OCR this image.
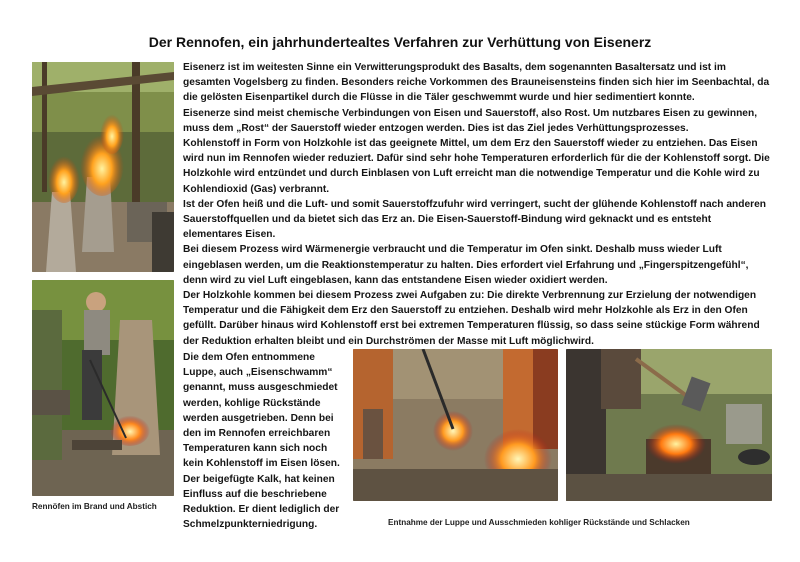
Der Rennofen, ein jahrhundertealtes Verfahren zur Verhüttung von Eisenerz
Rennöfen im Brand und Abstich

Eisenerz ist im weitesten Sinne ein Verwitterungsprodukt des Basalts, dem sogenannten Basaltersatz und ist im gesamten Vogelsberg zu finden. Besonders reiche Vorkommen des Brauneisensteins finden sich hier im Seenbachtal, da die gelösten Eisenpartikel durch die Flüsse in die Täler geschwemmt wurde und hier sedimentiert konnte.

Eisenerze sind meist chemische Verbindungen von Eisen und Sauerstoff, also Rost. Um nutzbares Eisen zu gewinnen, muss dem „Rost“ der Sauerstoff wieder entzogen werden. Dies ist das Ziel jedes Verhüttungsprozesses.

Kohlenstoff in Form von Holzkohle ist das geeignete Mittel, um dem Erz den Sauerstoff wieder zu entziehen. Das Eisen wird nun im Rennofen wieder reduziert. Dafür sind sehr hohe Temperaturen erforderlich für die der Kohlenstoff sorgt. Die Holzkohle wird entzündet und durch Einblasen von Luft erreicht man die notwendige Temperatur und die Kohle wird zu Kohlendioxid (Gas) verbrannt.

Ist der Ofen heiß und die Luft- und somit Sauerstoffzufuhr wird verringert, sucht der glühende Kohlenstoff nach anderen Sauerstoffquellen und da bietet sich das Erz an. Die Eisen-Sauerstoff-Bindung wird geknackt und es entsteht elementares Eisen.

Bei diesem Prozess wird Wärmenergie verbraucht und die Temperatur im Ofen sinkt. Deshalb muss wieder Luft eingeblasen werden, um die Reaktionstemperatur zu halten. Dies erfordert viel Erfahrung und „Fingerspitzengefühl“, denn wird zu viel Luft eingeblasen, kann das entstandene Eisen wieder oxidiert werden.

Der Holzkohle kommen bei diesem Prozess zwei Aufgaben zu: Die direkte Verbrennung zur Erzielung der notwendigen Temperatur und die Fähigkeit dem Erz den Sauerstoff zu entziehen. Deshalb wird mehr Holzkohle als Erz in den Ofen gefüllt. Darüber hinaus wird Kohlenstoff erst bei extremen Temperaturen flüssig, so dass seine stückige Form während der Reduktion erhalten bleibt und ein Durchströmen der Masse mit Luft möglichwird.

Die dem Ofen entnommene Luppe, auch „Eisenschwamm“ genannt, muss ausgeschmiedet werden, kohlige Rückstände werden ausgetrieben. Denn bei den im Rennofen erreichbaren Temperaturen kann sich noch kein Kohlenstoff im Eisen lösen. Der beigefügte Kalk, hat keinen Einfluss auf die beschriebene Reduktion. Er dient lediglich der Schmelzpunkterniedrigung.	Entnahme der Luppe und Ausschmieden kohliger Rückstände und Schlacken
